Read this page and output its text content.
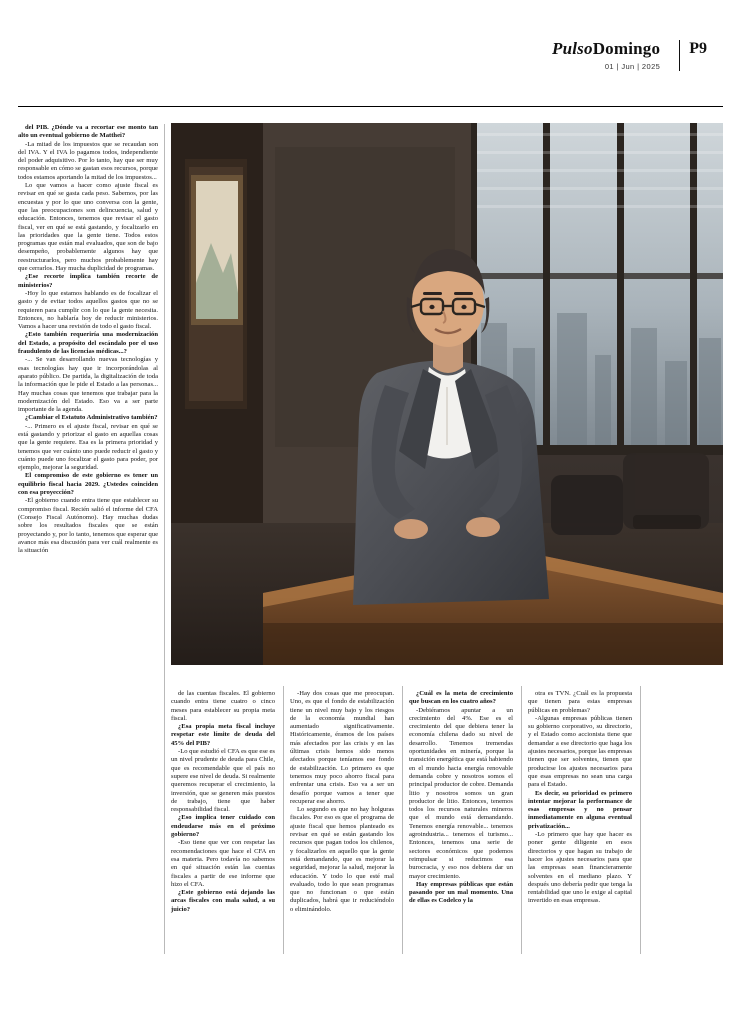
PulsoDomingo
01 | Jun | 2025
P9

del PIB. ¿Dónde va a recortar ese monto tan alto un eventual gobierno de Matthei?

-La mitad de los impuestos que se recaudan son del IVA. Y el IVA lo pagamos todos, independiente del poder adquisitivo. Por lo tanto, hay que ser muy responsable en cómo se gastan esos recursos, porque todos estamos aportando la mitad de los impuestos...

Lo que vamos a hacer como ajuste fiscal es revisar en qué se gasta cada peso. Sabemos, por las encuestas y por lo que uno conversa con la gente, que las preocupaciones son delincuencia, salud y educación. Entonces, tenemos que revisar el gasto fiscal, ver en qué se está gastando, y focalizarlo en las prioridades que la gente tiene. Todos estos programas que están mal evaluados, que son de bajo desempeño, probablemente algunos hay que reestructurarlos, pero muchos probablemente hay que cerrarlos. Hay mucha duplicidad de programas.

¿Ese recorte implica también recorte de ministerios?

-Hoy lo que estamos hablando es de focalizar el gasto y de evitar todos aquellos gastos que no se requieren para cumplir con lo que la gente necesita. Entonces, no hablaría hoy de reducir ministerios. Vamos a hacer una revisión de todo el gasto fiscal.

¿Esto también requeriría una modernización del Estado, a propósito del escándalo por el uso fraudulento de las licencias médicas...?

-... Se van desarrollando nuevas tecnologías y esas tecnologías hay que ir incorporándolas al aparato público. De partida, la digitalización de toda la información que le pide el Estado a las personas... Hay muchas cosas que tenemos que trabajar para la modernización del Estado. Eso va a ser parte importante de la agenda.

¿Cambiar el Estatuto Administrativo también?

-... Primero es el ajuste fiscal, revisar en qué se está gastando y priorizar el gasto en aquellas cosas que la gente requiere. Esa es la primera prioridad y tenemos que ver cuánto uno puede reducir el gasto y cuánto puede uno focalizar el gasto para poder, por ejemplo, mejorar la seguridad.

El compromiso de este gobierno es tener un equilibrio fiscal hacia 2029. ¿Ustedes coinciden con esa proyección?

-El gobierno cuando entra tiene que establecer su compromiso fiscal. Recién salió el informe del CFA (Consejo Fiscal Autónomo). Hay muchas dudas sobre los resultados fiscales que se están proyectando y, por lo tanto, tenemos que esperar que avance más esa discusión para ver cuál realmente es la situación

de las cuentas fiscales. El gobierno cuando entra tiene cuatro o cinco meses para establecer su propia meta fiscal.

¿Esa propia meta fiscal incluye respetar este límite de deuda del 45% del PIB?

-Lo que estudió el CFA es que ese es un nivel prudente de deuda para Chile, que es recomendable que el país no supere ese nivel de deuda. Si realmente queremos recuperar el crecimiento, la inversión, que se generen más puestos de trabajo, tiene que haber responsabilidad fiscal.

¿Eso implica tener cuidado con endeudarse más en el próximo gobierno?

-Eso tiene que ver con respetar las recomendaciones que hace el CFA en esa materia. Pero todavía no sabemos en qué situación están las cuentas fiscales a partir de ese informe que hizo el CFA.

¿Este gobierno está dejando las arcas fiscales con mala salud, a su juicio?

-Hay dos cosas que me preocupan. Uno, es que el fondo de estabilización tiene un nivel muy bajo y los riesgos de la economía mundial han aumentado significativamente. Históricamente, éramos de los países más afectados por las crisis y en las últimas crisis hemos sido menos afectados porque teníamos ese fondo de estabilización. Lo primero es que tenemos muy poco ahorro fiscal para enfrentar una crisis. Eso va a ser un desafío porque vamos a tener que recuperar ese ahorro.

Lo segundo es que no hay holguras fiscales. Por eso es que el programa de ajuste fiscal que hemos planteado es revisar en qué se están gastando los recursos que pagan todos los chilenos, y focalizarlos en aquello que la gente está demandando, que es mejorar la seguridad, mejorar la salud, mejorar la educación. Y todo lo que esté mal evaluado, todo lo que sean programas que no funcionan o que están duplicados, habrá que ir reduciéndolo o eliminándolo.

¿Cuál es la meta de crecimiento que buscan en los cuatro años?

-Debiéramos apuntar a un crecimiento del 4%. Ese es el crecimiento del que debiera tener la economía chilena dado su nivel de desarrollo. Tenemos tremendas oportunidades en minería, porque la transición energética que está habiendo en el mundo hacia energía renovable demanda cobre y nosotros somos el principal productor de cobre. Demanda litio y nosotros somos un gran productor de litio. Entonces, tenemos todos los recursos naturales mineros que el mundo está demandando. Tenemos energía renovable... tenemos agroindustria... tenemos el turismo... Entonces, tenemos una serie de sectores económicos que podemos reimpulsar si reducimos esa burocracia, y eso nos debiera dar un mayor crecimiento.

Hay empresas públicas que están pasando por un mal momento. Una de ellas es Codelco y la

otra es TVN. ¿Cuál es la propuesta que tienen para estas empresas públicas en problemas?

-Algunas empresas públicas tienen su gobierno corporativo, su directorio, y el Estado como accionista tiene que demandar a ese directorio que haga los ajustes necesarios, porque las empresas tienen que ser solventes, tienen que producirse los ajustes necesarios para que esas empresas no sean una carga para el Estado.

Es decir, su prioridad es primero intentar mejorar la performance de esas empresas y no pensar inmediatamente en alguna eventual privatización...

-Lo primero que hay que hacer es poner gente diligente en esos directorios y que hagan su trabajo de hacer los ajustes necesarios para que las empresas sean financieramente solventes en el mediano plazo. Y después uno debería pedir que tenga la rentabilidad que uno le exige al capital invertido en esas empresas.
